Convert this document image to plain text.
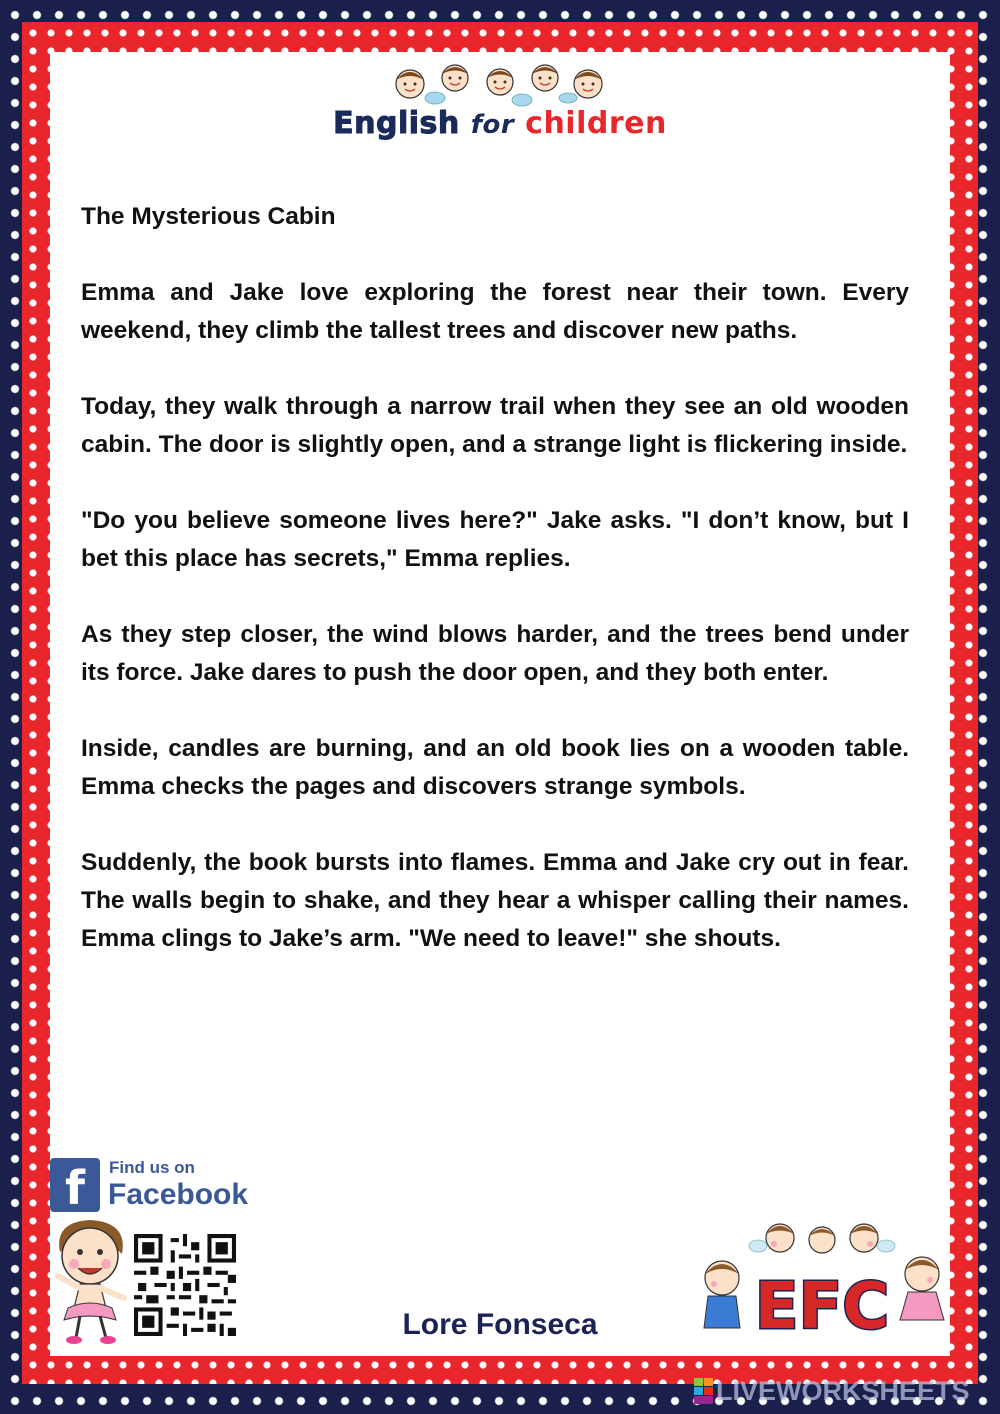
English for children
The Mysterious Cabin

Emma and Jake love exploring the forest near their town. Every weekend, they climb the tallest trees and discover new paths.

Today, they walk through a narrow trail when they see an old wooden cabin. The door is slightly open, and a strange light is flickering inside.

"Do you believe someone lives here?" Jake asks. "I don’t know, but I bet this place has secrets," Emma replies.

As they step closer, the wind blows harder, and the trees bend under its force. Jake dares to push the door open, and they both enter.

Inside, candles are burning, and an old book lies on a wooden table. Emma checks the pages and discovers strange symbols.

Suddenly, the book bursts into flames. Emma and Jake cry out in fear. The walls begin to shake, and they hear a whisper calling their names. Emma clings to Jake’s arm. "We need to leave!" she shouts.

f	Find us on
Facebook
Lore Fonseca EFC
LIVEWORKSHEETS
